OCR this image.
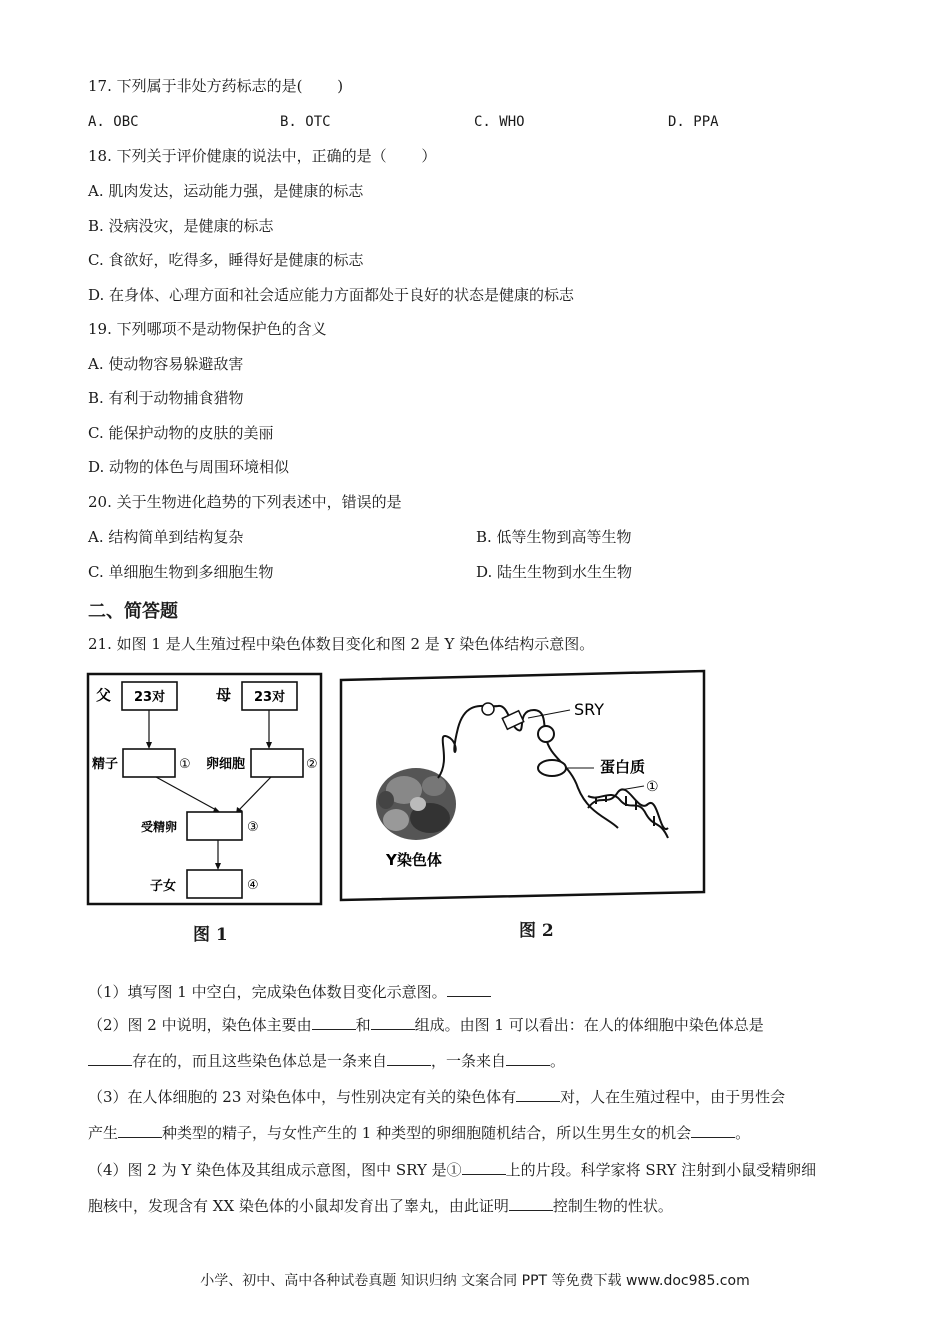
17. 下列属于非处方药标志的是(　　 )
A. OBC	B. OTC	C. WHO	D. PPA
18. 下列关于评价健康的说法中，正确的是（　　 ）
A. 肌肉发达，运动能力强，是健康的标志
B. 没病没灾，是健康的标志
C. 食欲好，吃得多，睡得好是健康的标志
D. 在身体、心理方面和社会适应能力方面都处于良好的状态是健康的标志
19. 下列哪项不是动物保护色的含义
A. 使动物容易躲避敌害
B. 有利于动物捕食猎物
C. 能保护动物的皮肤的美丽
D. 动物的体色与周围环境相似
20. 关于生物进化趋势的下列表述中，错误的是
A. 结构简单到结构复杂	B. 低等生物到高等生物
C. 单细胞生物到多细胞生物	D. 陆生生物到水生生物
二、简答题
21. 如图 1 是人生殖过程中染色体数目变化和图 2 是 Y 染色体结构示意图。
父 23对	母 23对
精子	① 卵细胞	②
受精卵	③
子女	④
图 1
SRY
蛋白质
①
Y染色体
图 2
（1）填写图 1 中空白，完成染色体数目变化示意图。
（2）图 2 中说明，染色体主要由	和	组成。由图 1 可以看出：在人的体细胞中染色体总是
存在的，而且这些染色体总是一条来自	，一条来自	。
（3）在人体细胞的 23 对染色体中，与性别决定有关的染色体有	对，人在生殖过程中，由于男性会
产生	种类型的精子，与女性产生的 1 种类型的卵细胞随机结合，所以生男生女的机会	。
（4）图 2 为 Y 染色体及其组成示意图，图中 SRY 是①	上的片段。科学家将 SRY 注射到小鼠受精卵细
胞核中，发现含有 XX 染色体的小鼠却发育出了睾丸，由此证明	控制生物的性状。
小学、初中、高中各种试卷真题 知识归纳 文案合同 PPT 等免费下载 www.doc985.com
